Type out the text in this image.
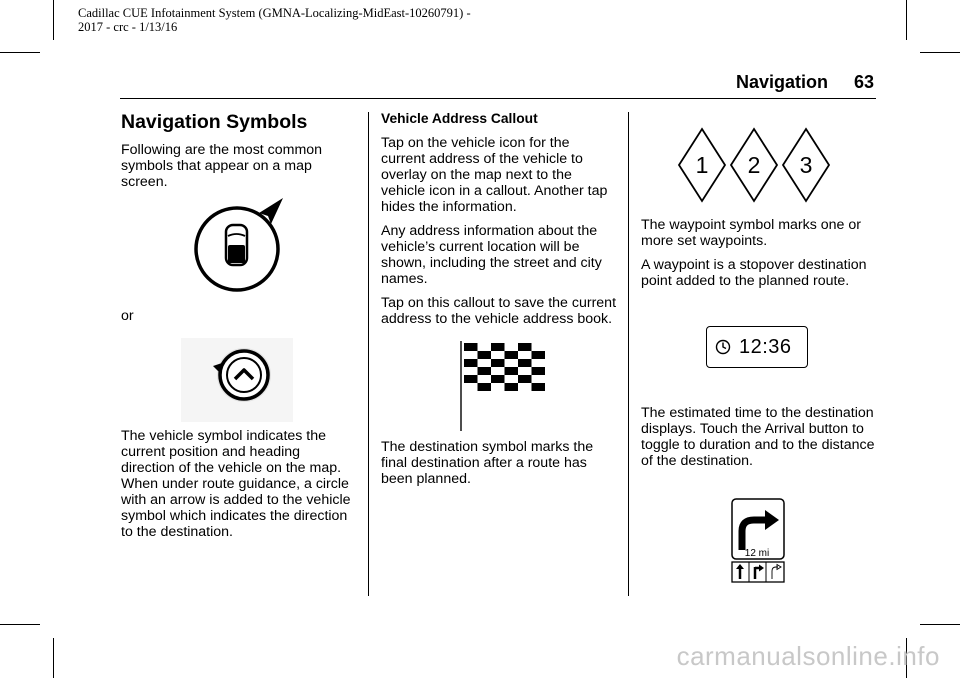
Cadillac CUE Infotainment System (GMNA-Localizing-MidEast-10260791) -
2017 - crc - 1/13/16
Navigation 63
Navigation Symbols

Following are the most common symbols that appear on a map screen.

or

The vehicle symbol indicates the current position and heading direction of the vehicle on the map. When under route guidance, a circle with an arrow is added to the vehicle symbol which indicates the direction to the destination.

Vehicle Address Callout

Tap on the vehicle icon for the current address of the vehicle to overlay on the map next to the vehicle icon in a callout. Another tap hides the information.

Any address information about the vehicle’s current location will be shown, including the street and city names.

Tap on this callout to save the current address to the vehicle address book.

The destination symbol marks the final destination after a route has been planned.

1 2 3

The waypoint symbol marks one or more set waypoints.

A waypoint is a stopover destination point added to the planned route.

The estimated time to the destination displays. Touch the Arrival button to toggle to duration and to the distance of the destination.

12:36
12 mi
carmanualsonline.info
